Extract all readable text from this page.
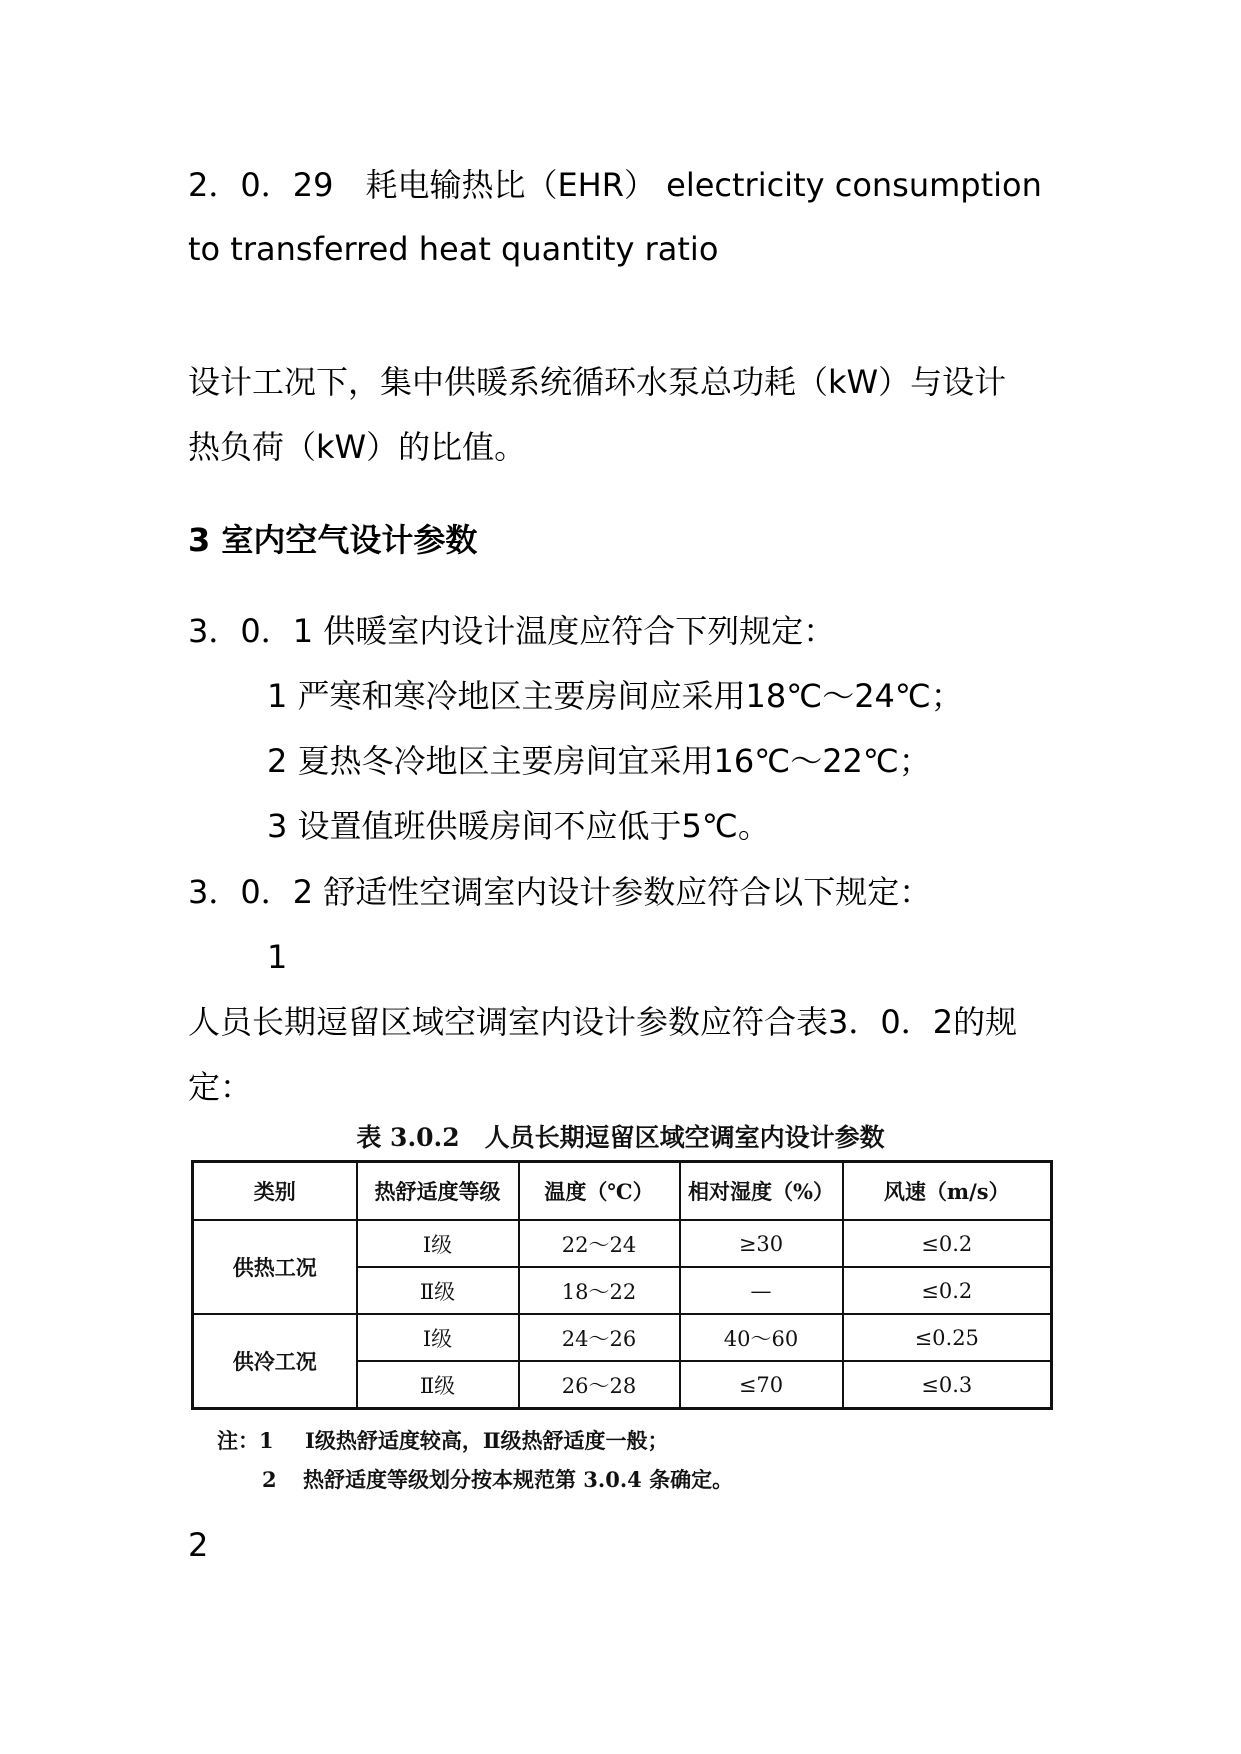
2．0．29　耗电输热比（EHR） electricity consumption
to transferred heat quantity ratio
设计工况下，集中供暖系统循环水泵总功耗（kW）与设计
热负荷（kW）的比值。
3 室内空气设计参数
3．0．1 供暖室内设计温度应符合下列规定：
1 严寒和寒冷地区主要房间应采用18℃～24℃；
2 夏热冬冷地区主要房间宜采用16℃～22℃；
3 设置值班供暖房间不应低于5℃。
3．0．2 舒适性空调室内设计参数应符合以下规定：
1
人员长期逗留区域空调室内设计参数应符合表3．0．2的规
定：
表 3.0.2　人员长期逗留区域空调室内设计参数
类别	热舒适度等级	温度（℃）	相对湿度（%）	风速（m/s）
供热工况	Ⅰ级	22～24	≥30	≤0.2
	Ⅱ级	18～22	—	≤0.2
供冷工况	Ⅰ级	24～26	40～60	≤0.25
	Ⅱ级	26～28	≤70	≤0.3
注：1 Ⅰ级热舒适度较高，Ⅱ级热舒适度一般；
2 热舒适度等级划分按本规范第 3.0.4 条确定。
2
